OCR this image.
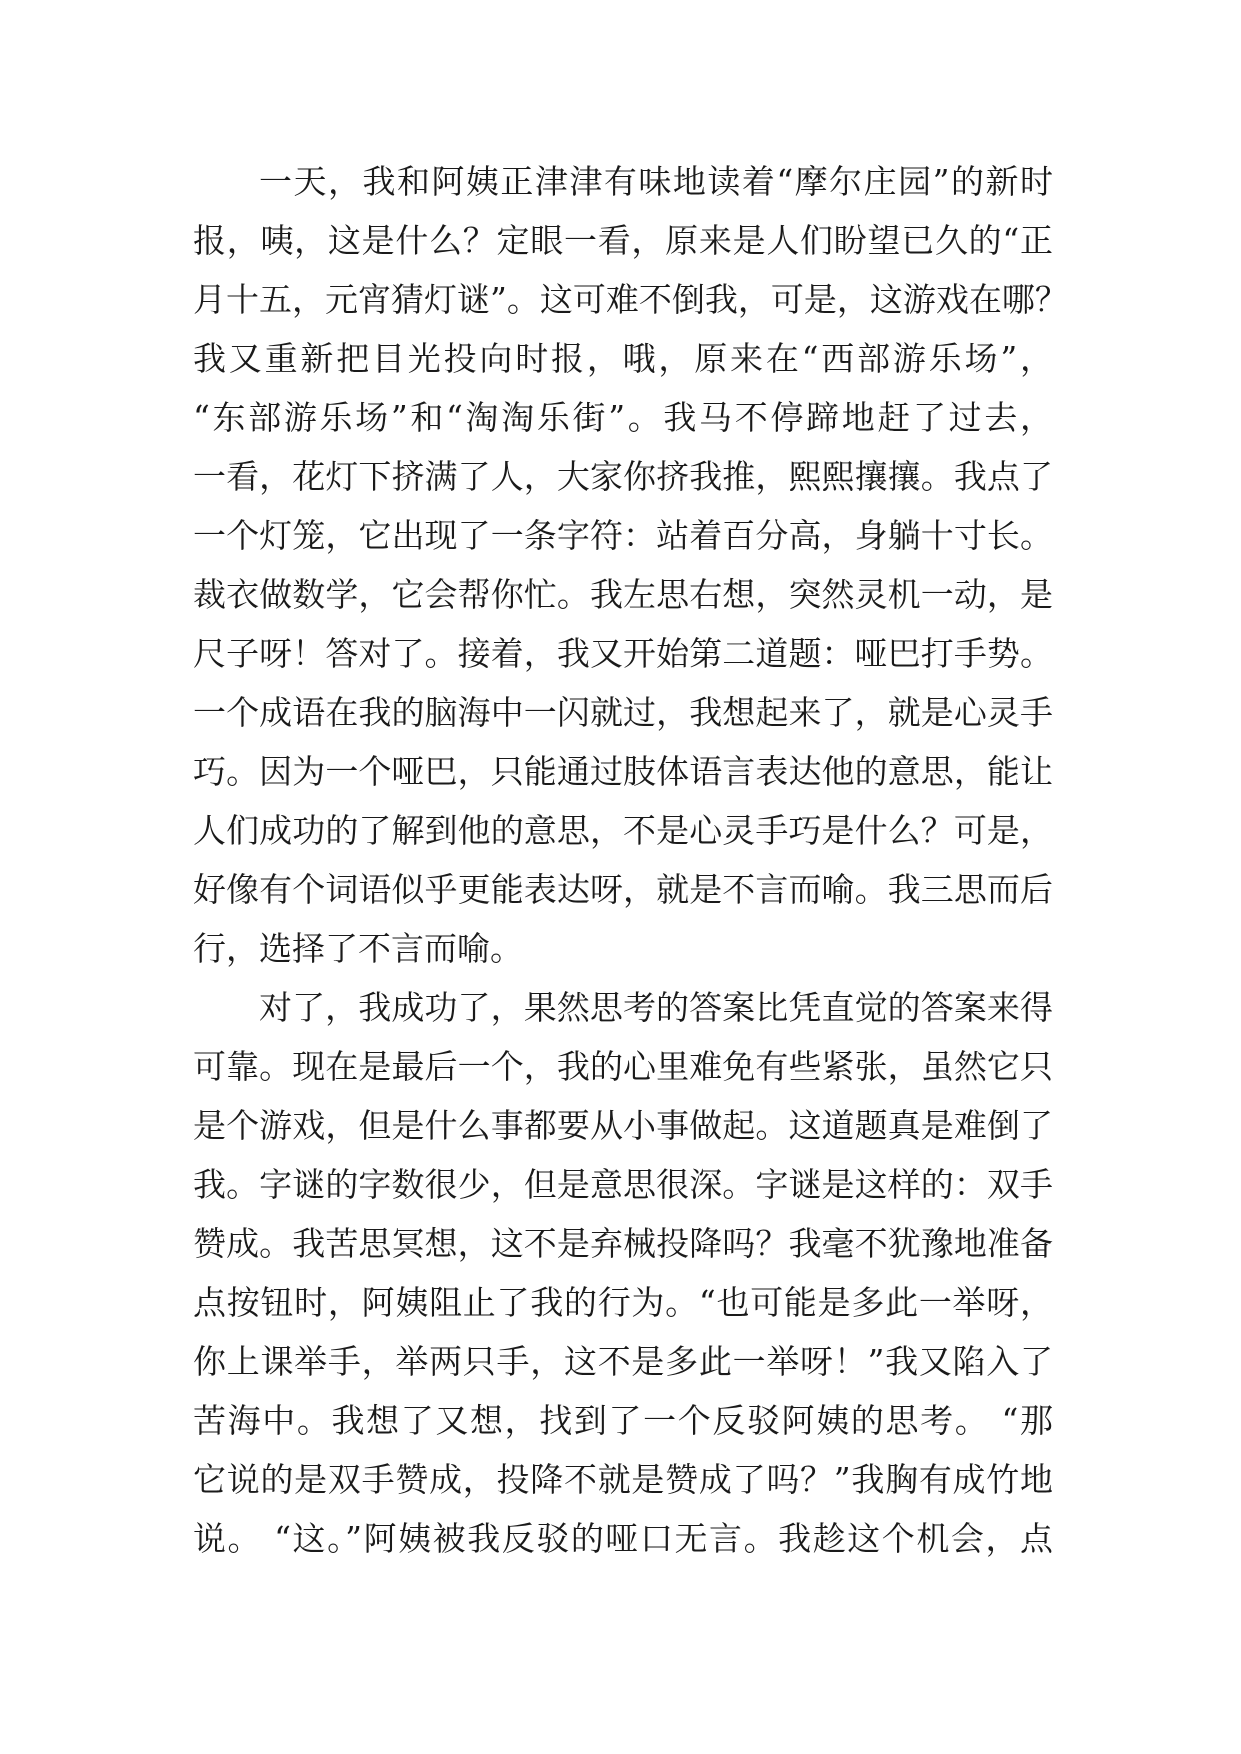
一天，我和阿姨正津津有味地读着“摩尔庄园”的新时
报，咦，这是什么？定眼一看，原来是人们盼望已久的“正
月十五，元宵猜灯谜”。这可难不倒我，可是，这游戏在哪？
我又重新把目光投向时报，哦，原来在“西部游乐场”，
“东部游乐场”和“淘淘乐街”。我马不停蹄地赶了过去，
一看，花灯下挤满了人，大家你挤我推，熙熙攘攘。我点了
一个灯笼，它出现了一条字符：站着百分高，身躺十寸长。
裁衣做数学，它会帮你忙。我左思右想，突然灵机一动，是
尺子呀！答对了。接着，我又开始第二道题：哑巴打手势。
一个成语在我的脑海中一闪就过，我想起来了，就是心灵手
巧。因为一个哑巴，只能通过肢体语言表达他的意思，能让
人们成功的了解到他的意思，不是心灵手巧是什么？可是，
好像有个词语似乎更能表达呀，就是不言而喻。我三思而后
行，选择了不言而喻。
对了，我成功了，果然思考的答案比凭直觉的答案来得
可靠。现在是最后一个，我的心里难免有些紧张，虽然它只
是个游戏，但是什么事都要从小事做起。这道题真是难倒了
我。字谜的字数很少，但是意思很深。字谜是这样的：双手
赞成。我苦思冥想，这不是弃械投降吗？我毫不犹豫地准备
点按钮时，阿姨阻止了我的行为。“也可能是多此一举呀，
你上课举手，举两只手，这不是多此一举呀！”我又陷入了
苦海中。我想了又想，找到了一个反驳阿姨的思考。 “那
它说的是双手赞成，投降不就是赞成了吗？”我胸有成竹地
说。 “这。”阿姨被我反驳的哑口无言。我趁这个机会，点
